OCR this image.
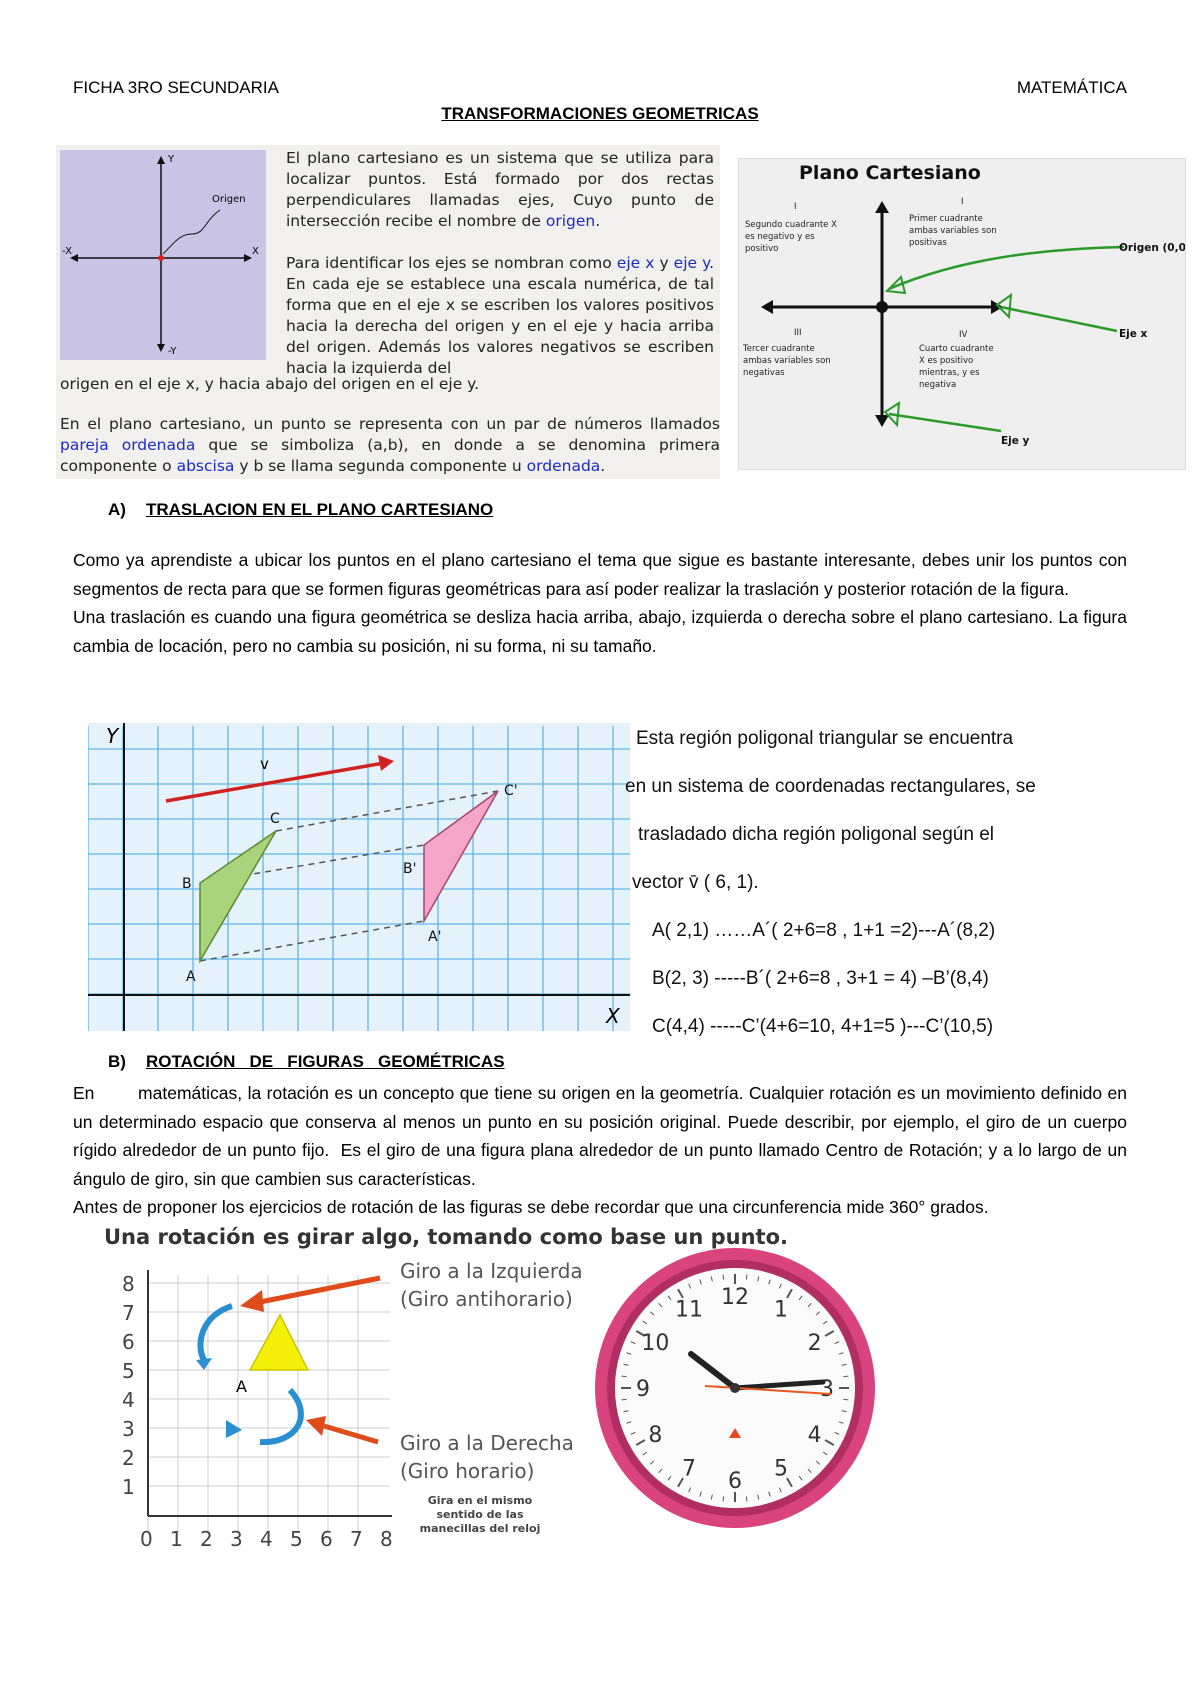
FICHA 3RO SECUNDARIA	MATEMÁTICA
TRANSFORMACIONES GEOMETRICAS
Y
-Y
X
-X
Origen
El plano cartesiano es un sistema que se utiliza para localizar puntos. Está formado por dos rectas perpendiculares llamadas ejes, Cuyo punto de intersección recibe el nombre de origen.
Para identificar los ejes se nombran como eje x y eje y. En cada eje se establece una escala numérica, de tal forma que en el eje x se escriben los valores positivos hacia la derecha del origen y en el eje y hacia arriba del origen. Además los valores negativos se escriben hacia la izquierda del
origen en el eje x, y hacia abajo del origen en el eje y.
En el plano cartesiano, un punto se representa con un par de números llamados pareja ordenada que se simboliza (a,b), en donde a se denomina primera componente o abscisa y b se llama segunda componente u ordenada.
Plano Cartesiano
I
Segundo cuadrante X
es negativo y es
positivo
I
Primer cuadrante
ambas variables son
positivas
III
Tercer cuadrante
ambas variables son
negativas
IV
Cuarto cuadrante
X es positivo
mientras, y es
negativa
Origen (0,0)
Eje x
Eje y
A) TRASLACION EN EL PLANO CARTESIANO

Como ya aprendiste a ubicar los puntos en el plano cartesiano el tema que sigue es bastante interesante, debes unir los puntos con segmentos de recta para que se formen figuras geométricas para así poder realizar la traslación y posterior rotación de la figura.

Una traslación es cuando una figura geométrica se desliza hacia arriba, abajo, izquierda o derecha sobre el plano cartesiano. La figura cambia de locación, pero no cambia su posición, ni su forma, ni su tamaño.

Y
X
v
A
B
C
A'
B'
C'
Esta región poligonal triangular se encuentra
en un sistema de coordenadas rectangulares, se
trasladado dicha región poligonal según el
vector v̄ ( 6, 1).
A( 2,1) ……A´( 2+6=8 , 1+1 =2)---A´(8,2)
B(2, 3) -----B´( 2+6=8 , 3+1 = 4) –B’(8,4)
C(4,4) -----C’(4+6=10, 4+1=5 )---C’(10,5)
B) ROTACIÓN   DE   FIGURAS   GEOMÉTRICAS

En        matemáticas, la rotación es un concepto que tiene su origen en la geometría. Cualquier rotación es un movimiento definido en un determinado espacio que conserva al menos un punto en su posición original. Puede describir, por ejemplo, el giro de un cuerpo rígido alrededor de un punto fijo.  Es el giro de una figura plana alrededor de un punto llamado Centro de Rotación; y a lo largo de un ángulo de giro, sin que cambien sus características.

Antes de proponer los ejercicios de rotación de las figuras se debe recordar que una circunferencia mide 360° grados.

Una rotación es girar algo, tomando como base un punto.
0 1 2 3 4 5 6 7 8
1
2
3
4
5
6
7
8
A
Giro a la Izquierda
(Giro antihorario)
Giro a la Derecha
(Giro horario)
Gira en el mismo
sentido de las
manecillas del reloj
12 1
2
3
4
5
6
7
8
9
10
11
